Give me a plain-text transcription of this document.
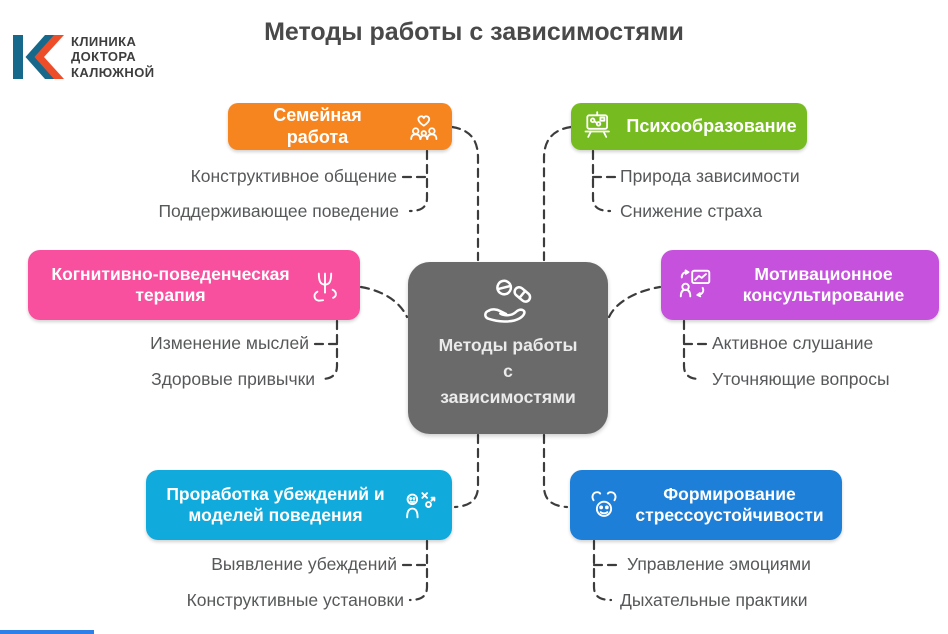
КЛИНИКА
ДОКТОРА
КАЛЮЖНОЙ
Методы работы с зависимостями
Семейная работа
Психообразование
Когнитивно-поведенческая терапия
Мотивационное консультирование
Проработка убеждений и моделей поведения
Формирование стрессоустойчивости
Методы работы
с
зависимостями
Конструктивное общение
Поддерживающее поведение
Изменение мыслей
Здоровые привычки
Выявление убеждений
Конструктивные установки
Природа зависимости
Снижение страха
Активное слушание
Уточняющие вопросы
Управление эмоциями
Дыхательные практики
